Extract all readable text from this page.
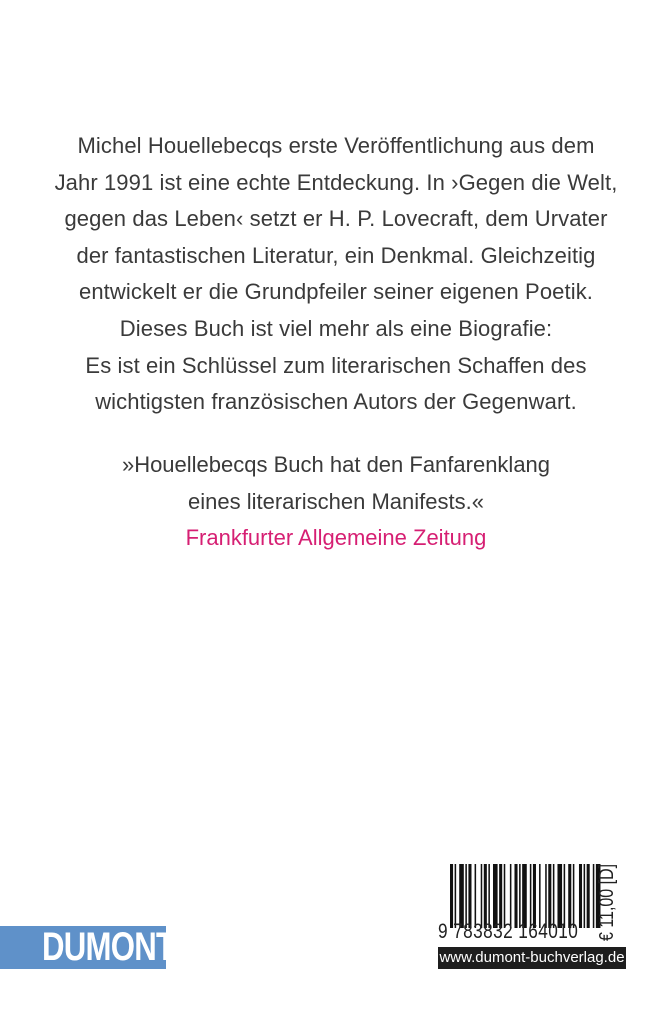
Michel Houellebecqs erste Veröffentlichung aus dem
Jahr 1991 ist eine echte Entdeckung. In ›Gegen die Welt,
gegen das Leben‹ setzt er H. P. Lovecraft, dem Urvater
der fantastischen Literatur, ein Denkmal. Gleichzeitig
entwickelt er die Grundpfeiler seiner eigenen Poetik.
Dieses Buch ist viel mehr als eine Biografie:
Es ist ein Schlüssel zum literarischen Schaffen des
wichtigsten französischen Autors der Gegenwart.
»Houellebecqs Buch hat den Fanfarenklang
eines literarischen Manifests.«
Frankfurter Allgemeine Zeitung
DUMONT	9 783832 164010 € 11,00 [D]
www.dumont-buchverlag.de
